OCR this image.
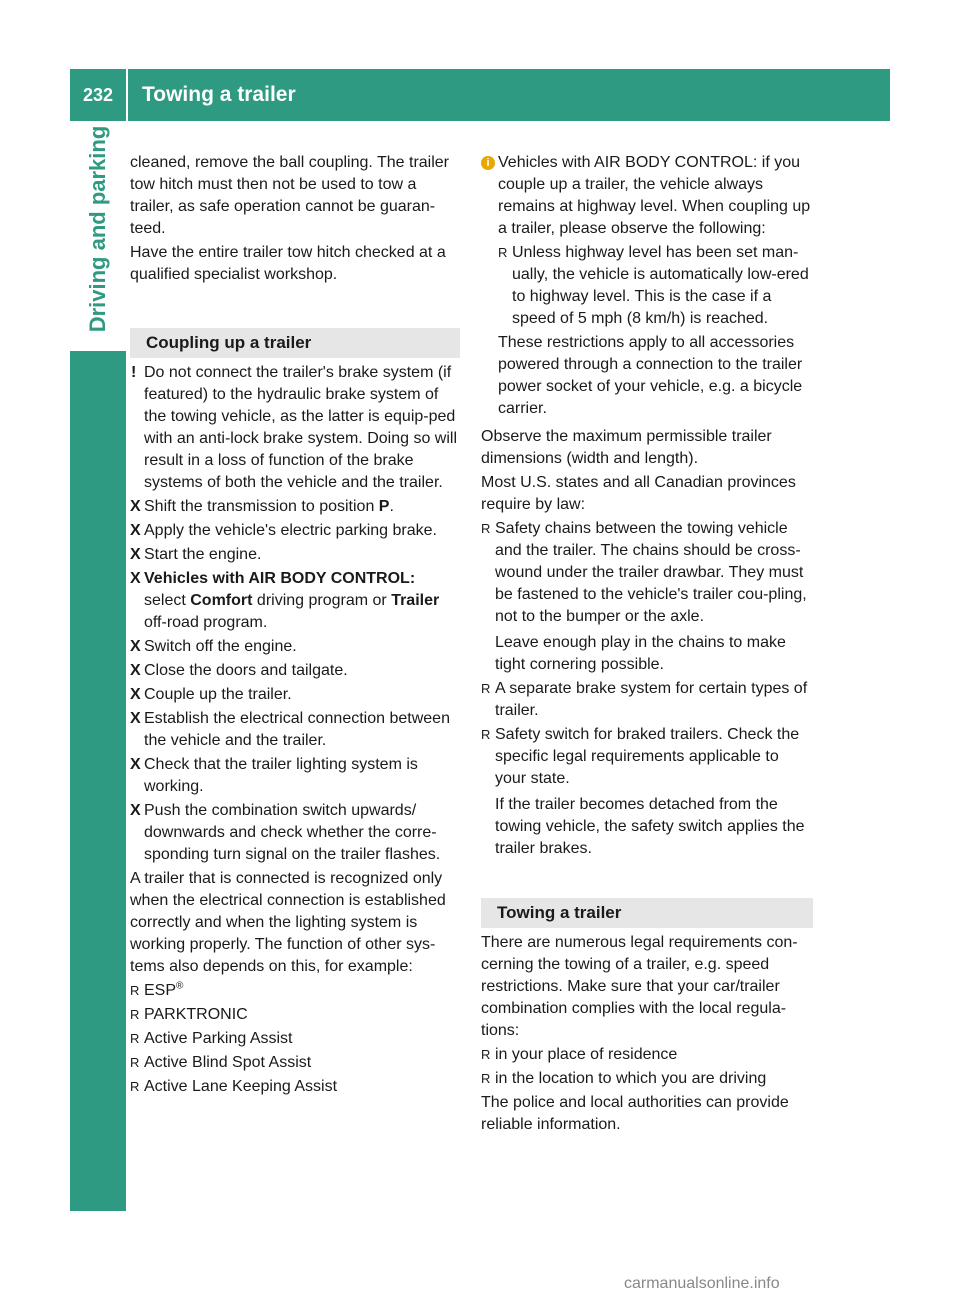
232	Towing a trailer
Driving and parking cleaned, remove the ball coupling. The trailer tow hitch must then not be used to tow a trailer, as safe operation cannot be guaran-teed.

Have the entire trailer tow hitch checked at a qualified specialist workshop.

Coupling up a trailer
! Do not connect the trailer's brake system (if featured) to the hydraulic brake system of the towing vehicle, as the latter is equip-ped with an anti-lock brake system. Doing so will result in a loss of function of the brake systems of both the vehicle and the trailer.
X Shift the transmission to position P.
X Apply the vehicle's electric parking brake.
X Start the engine.
X Vehicles with AIR BODY CONTROL:
select Comfort driving program or Trailer off-road program.
X Switch off the engine.
X Close the doors and tailgate.
X Couple up the trailer.
X Establish the electrical connection between the vehicle and the trailer.
X Check that the trailer lighting system is working.
X Push the combination switch upwards/ downwards and check whether the corre-sponding turn signal on the trailer flashes.

A trailer that is connected is recognized only when the electrical connection is established correctly and when the lighting system is working properly. The function of other sys-tems also depends on this, for example:

R ESP®
R PARKTRONIC
R Active Parking Assist
R Active Blind Spot Assist
R Active Lane Keeping Assist
i Vehicles with AIR BODY CONTROL: if you couple up a trailer, the vehicle always remains at highway level. When coupling up a trailer, please observe the following:

R Unless highway level has been set man-ually, the vehicle is automatically low-ered to highway level. This is the case if a speed of 5 mph (8 km/h) is reached.

These restrictions apply to all accessories powered through a connection to the trailer power socket of your vehicle, e.g. a bicycle carrier.

Observe the maximum permissible trailer dimensions (width and length).

Most U.S. states and all Canadian provinces require by law:

R Safety chains between the towing vehicle and the trailer. The chains should be cross-wound under the trailer drawbar. They must be fastened to the vehicle's trailer cou-pling, not to the bumper or the axle.

Leave enough play in the chains to make tight cornering possible.

R A separate brake system for certain types of trailer.
R Safety switch for braked trailers. Check the specific legal requirements applicable to your state.

If the trailer becomes detached from the towing vehicle, the safety switch applies the trailer brakes.

Towing a trailer

There are numerous legal requirements con-cerning the towing of a trailer, e.g. speed restrictions. Make sure that your car/trailer combination complies with the local regula-tions:

R in your place of residence
R in the location to which you are driving

The police and local authorities can provide reliable information.

carmanualsonline.info
